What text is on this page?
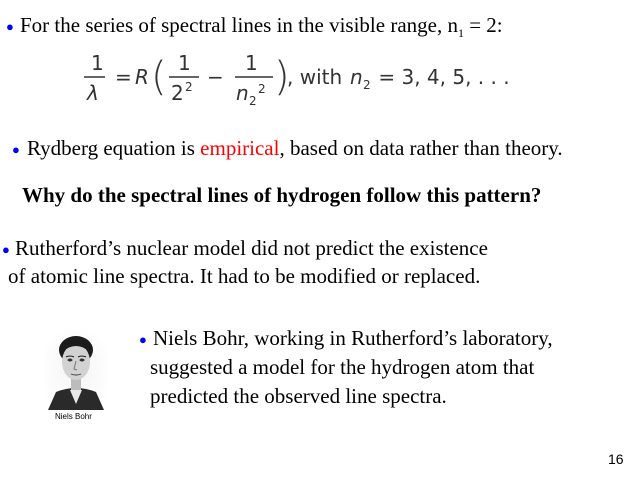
● For the series of spectral lines in the visible range, $n_1 = 2$:
1
λ
= R ( 1
2 2 −
1
n 2
2 )
, with n 2 = 3, 4, 5, . . .
● Rydberg equation is empirical, based on data rather than theory.
Why do the spectral lines of hydrogen follow this pattern?
● Rutherford’s nuclear model did not predict the existence
of atomic line spectra. It had to be modified or replaced.
Niels Bohr
● Niels Bohr, working in Rutherford’s laboratory,
suggested a model for the hydrogen atom that
predicted the observed line spectra.
16
